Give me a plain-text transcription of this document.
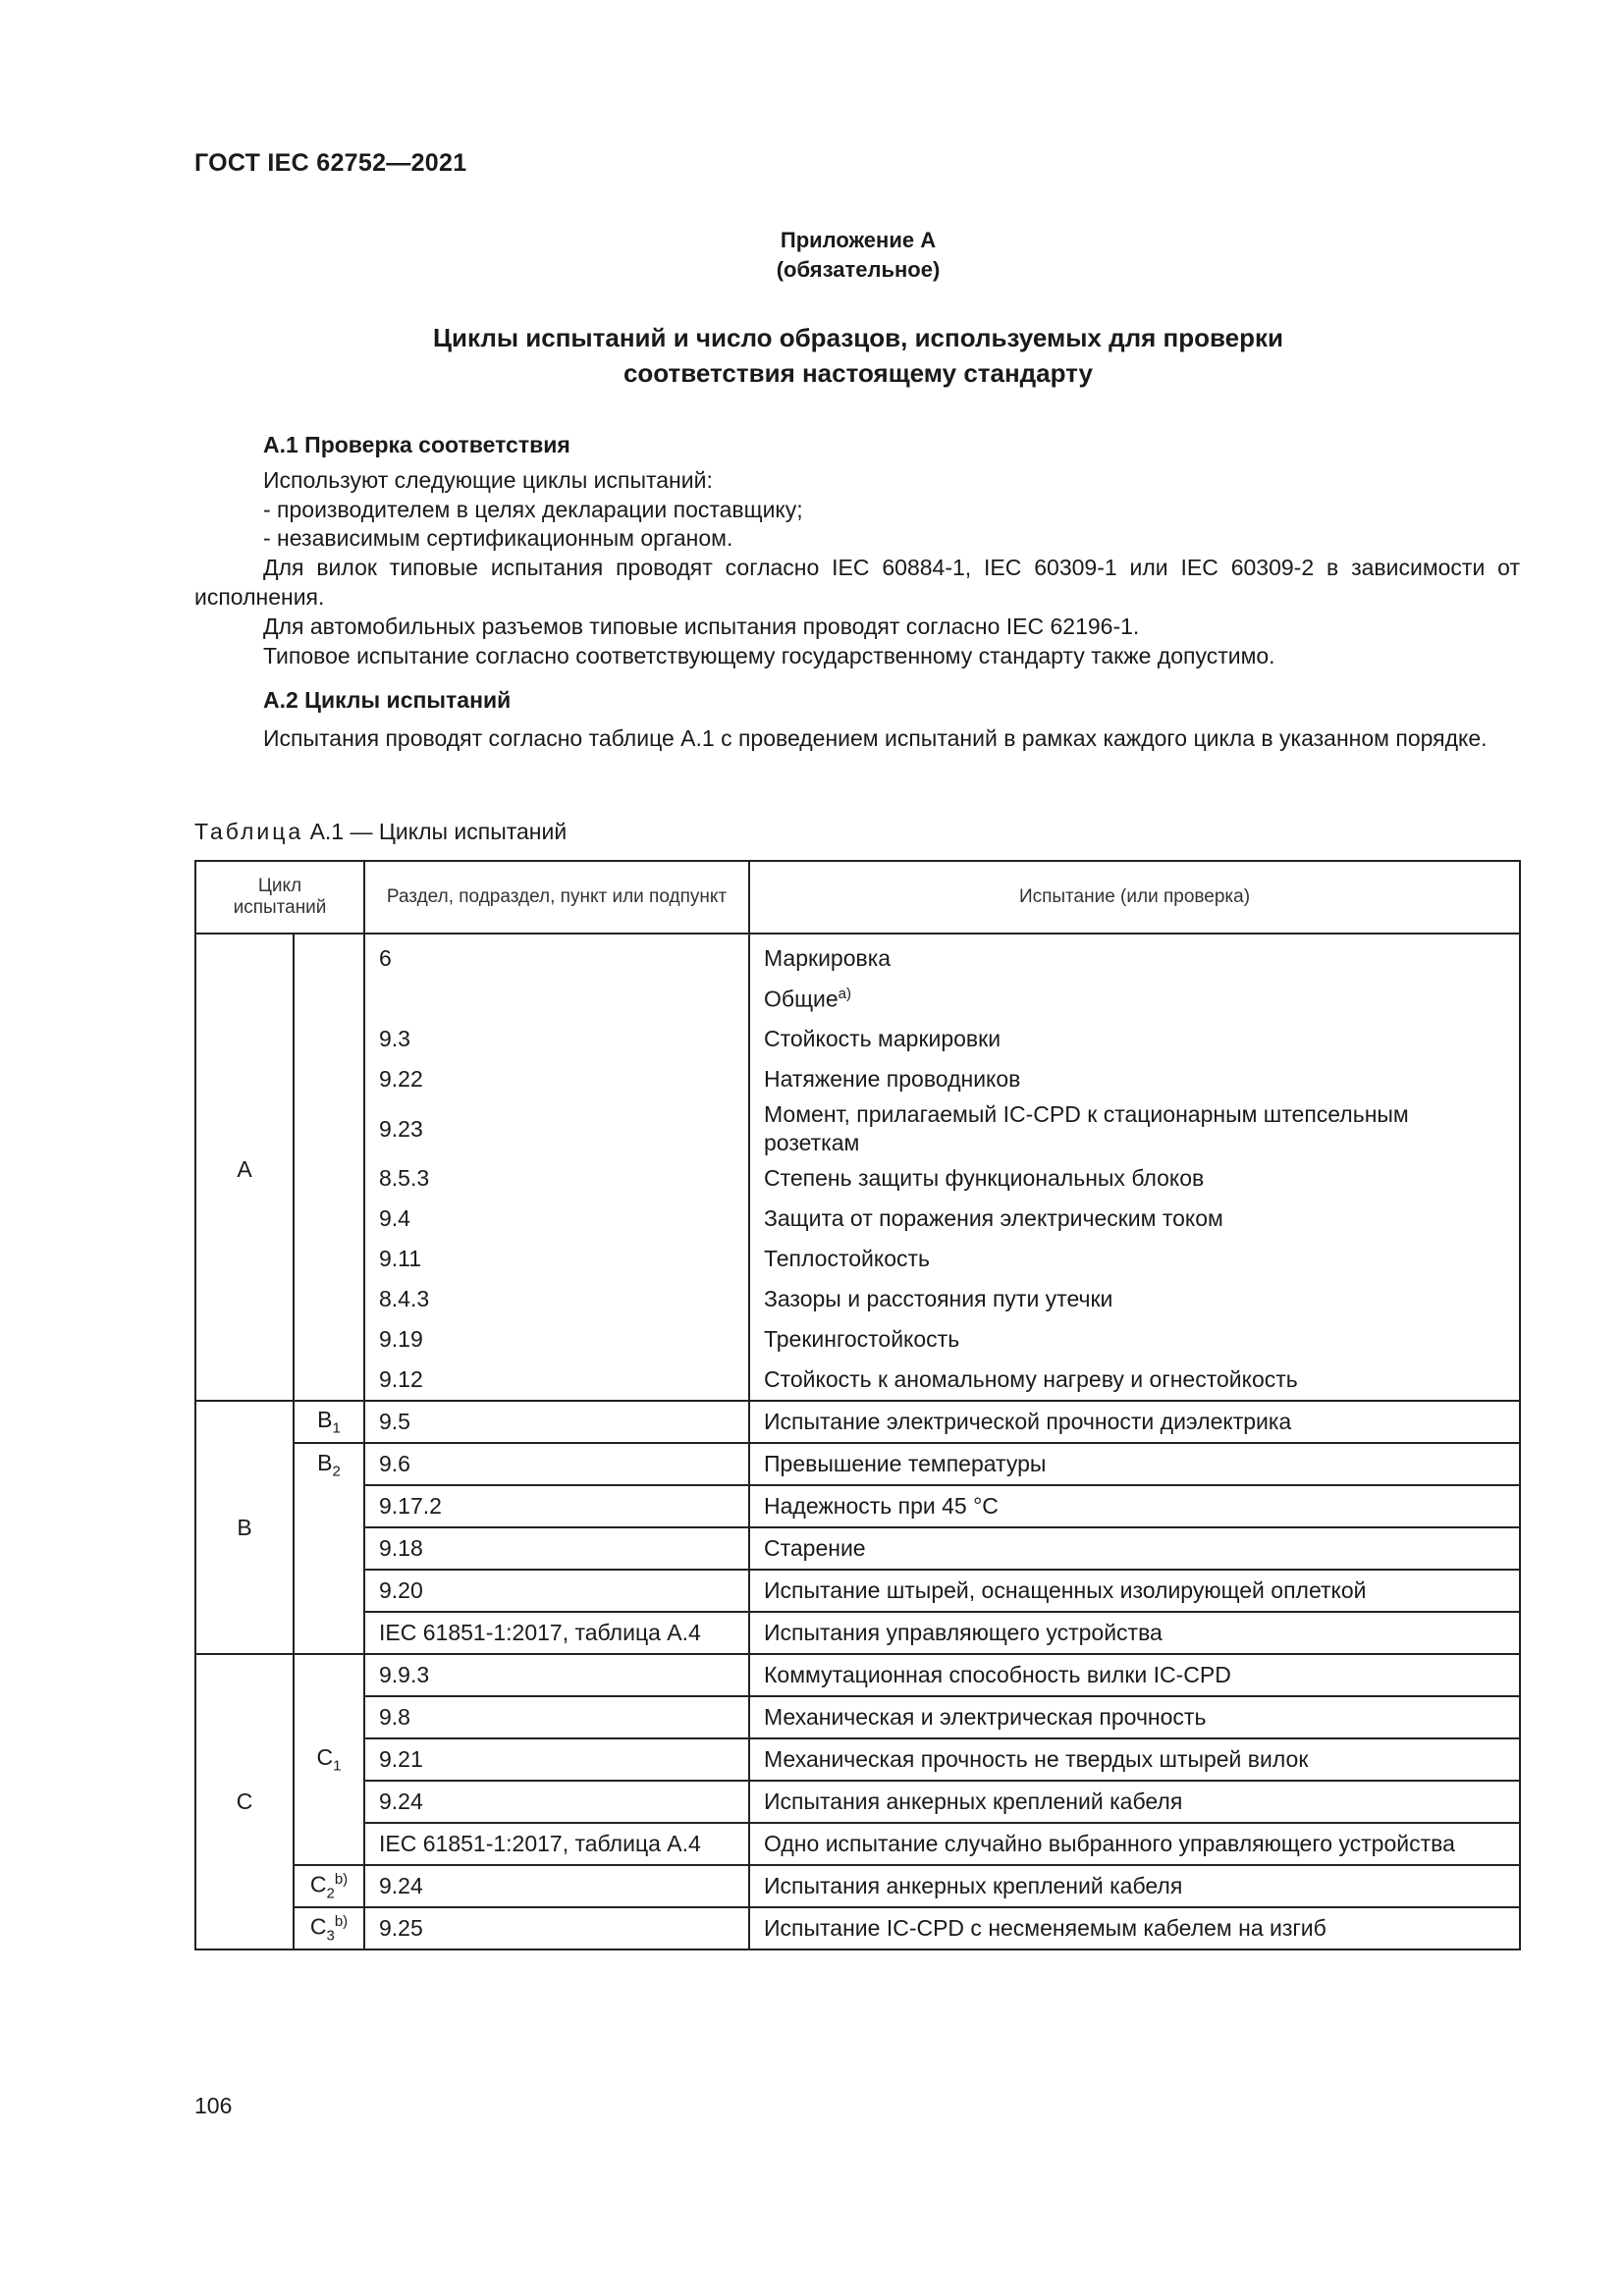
ГОСТ IEC 62752—2021
Приложение А
(обязательное)
Циклы испытаний и число образцов, используемых для проверки
соответствия настоящему стандарту
А.1 Проверка соответствия
Используют следующие циклы испытаний:
- производителем в целях декларации поставщику;
- независимым сертификационным органом.
Для вилок типовые испытания проводят согласно IEC 60884-1, IEC 60309-1 или IEC 60309-2 в зависимости от исполнения.
Для автомобильных разъемов типовые испытания проводят согласно IEC 62196-1.
Типовое испытание согласно соответствующему государственному стандарту также допустимо.
А.2 Циклы испытаний
Испытания проводят согласно таблице А.1 с проведением испытаний в рамках каждого цикла в указанном порядке.
Таблица А.1 — Циклы испытаний
Цикл испытаний		Раздел, подраздел, пункт или подпункт	Испытание (или проверка)
А		6	Маркировка
			Общие$^{а)}$
		9.3	Стойкость маркировки
		9.22	Натяжение проводников
		9.23	Момент, прилагаемый IC-CPD к стационарным штепсельным розеткам
		8.5.3	Степень защиты функциональных блоков
		9.4	Защита от поражения электрическим током
		9.11	Теплостойкость
		8.4.3	Зазоры и расстояния пути утечки
		9.19	Трекингостойкость
		9.12	Стойкость к аномальному нагреву и огнестойкость
B	$B_1$	9.5	Испытание электрической прочности диэлектрика
	$B_2$	9.6	Превышение температуры
		9.17.2	Надежность при 45 °С
		9.18	Старение
		9.20	Испытание штырей, оснащенных изолирующей оплеткой
		IEC 61851-1:2017, таблица А.4	Испытания управляющего устройства
C	$C_1$	9.9.3	Коммутационная способность вилки IC-CPD
		9.8	Механическая и электрическая прочность
		9.21	Механическая прочность не твердых штырей вилок
		9.24	Испытания анкерных креплений кабеля
		IEC 61851-1:2017, таблица А.4	Одно испытание случайно выбранного управляющего устройства
	$C_2^{b)}$	9.24	Испытания анкерных креплений кабеля
	$C_3^{b)}$	9.25	Испытание IC-CPD с несменяемым кабелем на изгиб
106
